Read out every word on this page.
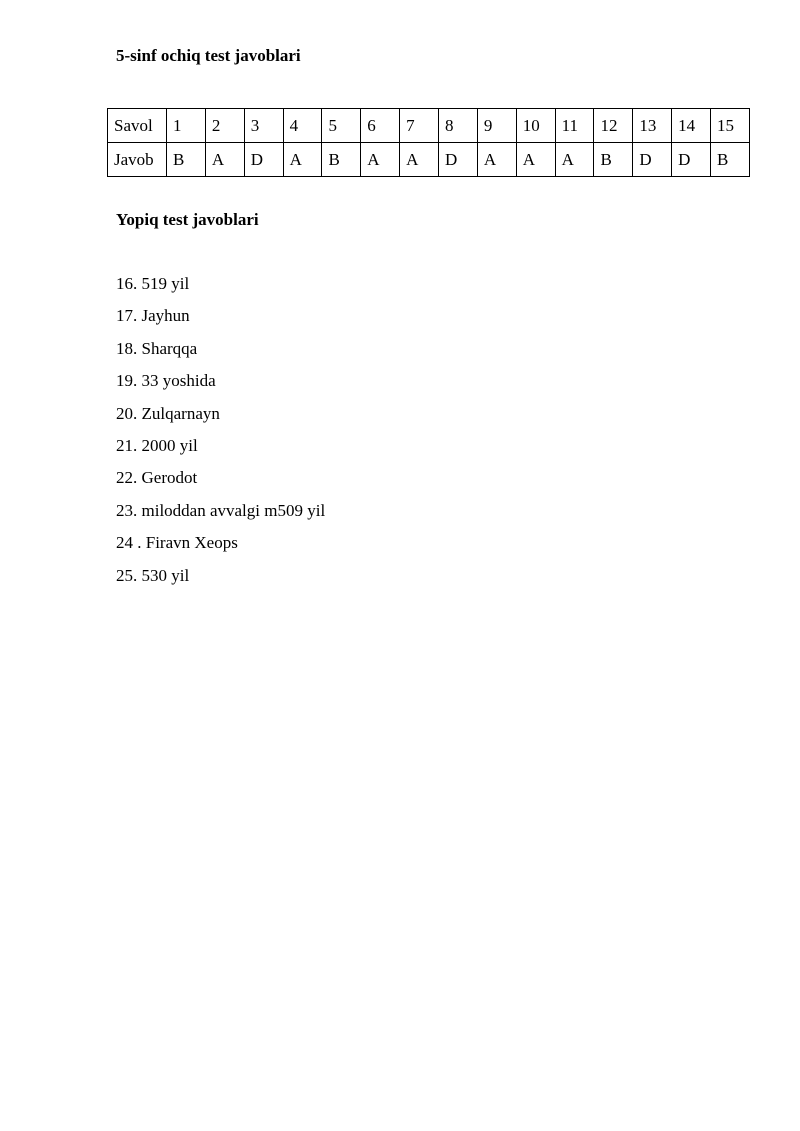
5-sinf ochiq test javoblari
Savol	1	2	3	4	5	6	7	8	9	10	11	12	13	14	15
Javob	B	A	D	A	B	A	A	D	A	A	A	B	D	D	B
Yopiq test javoblari
16. 519 yil
17. Jayhun
18. Sharqqa
19. 33 yoshida
20. Zulqarnayn
21. 2000 yil
22. Gerodot
23. miloddan avvalgi m509 yil
24 . Firavn Xeops
25. 530 yil
